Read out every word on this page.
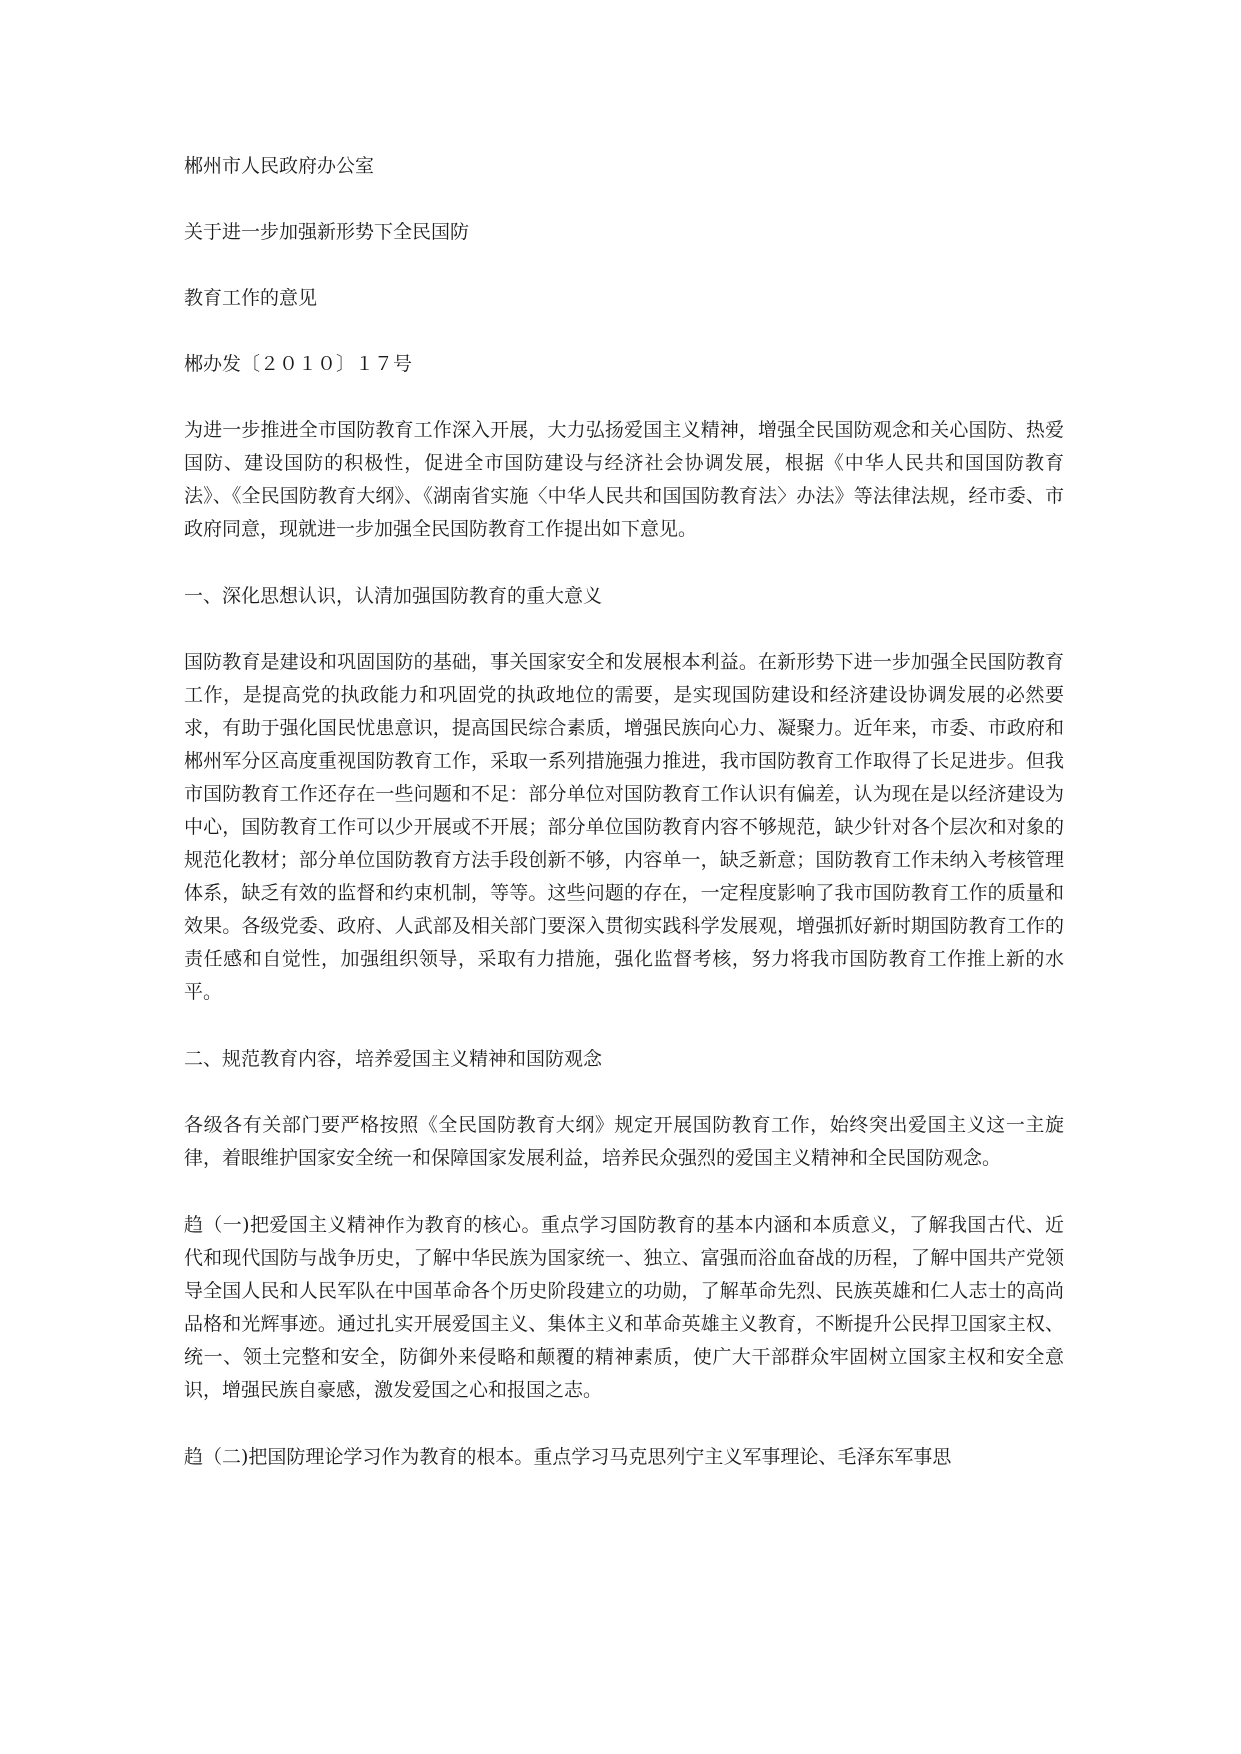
郴州市人民政府办公室

关于进一步加强新形势下全民国防

教育工作的意见

郴办发〔２０１０〕１７号

为进一步推进全市国防教育工作深入开展，大力弘扬爱国主义精神，增强全民国防观念和关心国防、热爱国防、建设国防的积极性，促进全市国防建设与经济社会协调发展，根据《中华人民共和国国防教育法》、《全民国防教育大纲》、《湖南省实施〈中华人民共和国国防教育法〉办法》等法律法规，经市委、市政府同意，现就进一步加强全民国防教育工作提出如下意见。

一、深化思想认识，认清加强国防教育的重大意义

国防教育是建设和巩固国防的基础，事关国家安全和发展根本利益。在新形势下进一步加强全民国防教育工作，是提高党的执政能力和巩固党的执政地位的需要，是实现国防建设和经济建设协调发展的必然要求，有助于强化国民忧患意识，提高国民综合素质，增强民族向心力、凝聚力。近年来，市委、市政府和郴州军分区高度重视国防教育工作，采取一系列措施强力推进，我市国防教育工作取得了长足进步。但我市国防教育工作还存在一些问题和不足：部分单位对国防教育工作认识有偏差，认为现在是以经济建设为中心，国防教育工作可以少开展或不开展；部分单位国防教育内容不够规范，缺少针对各个层次和对象的规范化教材；部分单位国防教育方法手段创新不够，内容单一，缺乏新意；国防教育工作未纳入考核管理体系，缺乏有效的监督和约束机制，等等。这些问题的存在，一定程度影响了我市国防教育工作的质量和效果。各级党委、政府、人武部及相关部门要深入贯彻实践科学发展观，增强抓好新时期国防教育工作的责任感和自觉性，加强组织领导，采取有力措施，强化监督考核，努力将我市国防教育工作推上新的水平。

二、规范教育内容，培养爱国主义精神和国防观念

各级各有关部门要严格按照《全民国防教育大纲》规定开展国防教育工作，始终突出爱国主义这一主旋律，着眼维护国家安全统一和保障国家发展利益，培养民众强烈的爱国主义精神和全民国防观念。

趋（一)把爱国主义精神作为教育的核心。重点学习国防教育的基本内涵和本质意义，了解我国古代、近代和现代国防与战争历史，了解中华民族为国家统一、独立、富强而浴血奋战的历程，了解中国共产党领导全国人民和人民军队在中国革命各个历史阶段建立的功勋，了解革命先烈、民族英雄和仁人志士的高尚品格和光辉事迹。通过扎实开展爱国主义、集体主义和革命英雄主义教育，不断提升公民捍卫国家主权、统一、领土完整和安全，防御外来侵略和颠覆的精神素质，使广大干部群众牢固树立国家主权和安全意识，增强民族自豪感，激发爱国之心和报国之志。

趋（二)把国防理论学习作为教育的根本。重点学习马克思列宁主义军事理论、毛泽东军事思
